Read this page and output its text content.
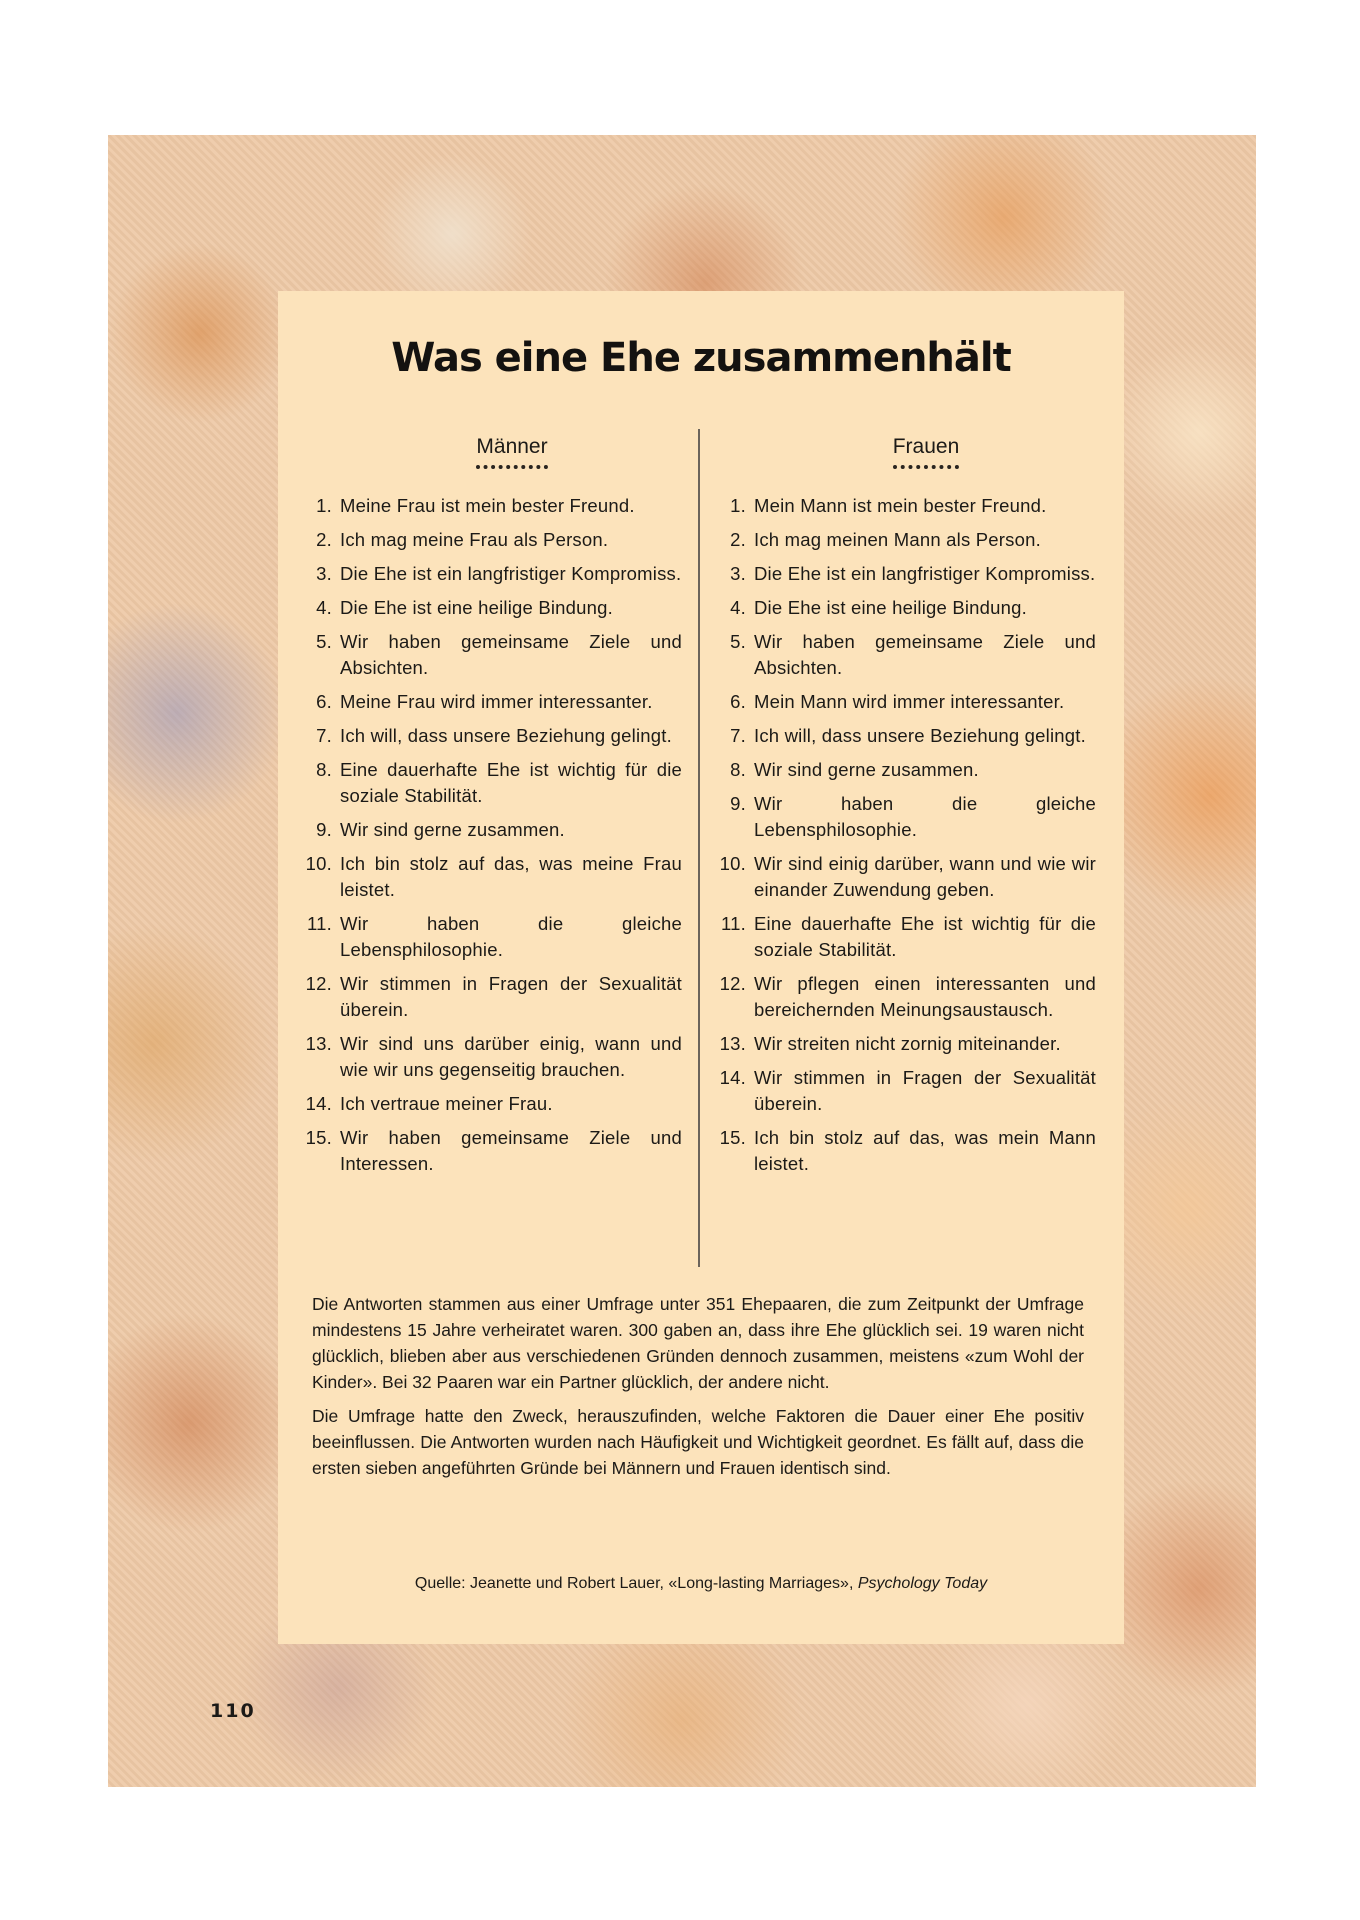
Was eine Ehe zusammenhält
Männer
1. Meine Frau ist mein bester Freund.
2. Ich mag meine Frau als Person.
3. Die Ehe ist ein langfristiger Kompromiss.
4. Die Ehe ist eine heilige Bindung.
5. Wir haben gemeinsame Ziele und Absichten.
6. Meine Frau wird immer interessanter.
7. Ich will, dass unsere Beziehung gelingt.
8. Eine dauerhafte Ehe ist wichtig für die soziale Stabilität.
9. Wir sind gerne zusammen.
10. Ich bin stolz auf das, was meine Frau leistet.
11. Wir haben die gleiche Lebensphilosophie.
12. Wir stimmen in Fragen der Sexualität überein.
13. Wir sind uns darüber einig, wann und wie wir uns gegenseitig brauchen.
14. Ich vertraue meiner Frau.
15. Wir haben gemeinsame Ziele und Interessen.
Frauen
1. Mein Mann ist mein bester Freund.
2. Ich mag meinen Mann als Person.
3. Die Ehe ist ein langfristiger Kompromiss.
4. Die Ehe ist eine heilige Bindung.
5. Wir haben gemeinsame Ziele und Absichten.
6. Mein Mann wird immer interessanter.
7. Ich will, dass unsere Beziehung gelingt.
8. Wir sind gerne zusammen.
9. Wir haben die gleiche Lebensphilosophie.
10. Wir sind einig darüber, wann und wie wir einander Zuwendung geben.
11. Eine dauerhafte Ehe ist wichtig für die soziale Stabilität.
12. Wir pflegen einen interessanten und bereichernden Meinungsaustausch.
13. Wir streiten nicht zornig miteinander.
14. Wir stimmen in Fragen der Sexualität überein.
15. Ich bin stolz auf das, was mein Mann leistet.

Die Antworten stammen aus einer Umfrage unter 351 Ehepaaren, die zum Zeitpunkt der Umfrage mindestens 15 Jahre verheiratet waren. 300 gaben an, dass ihre Ehe glücklich sei. 19 waren nicht glücklich, blieben aber aus verschiedenen Gründen dennoch zusammen, meistens «zum Wohl der Kinder». Bei 32 Paaren war ein Partner glücklich, der andere nicht.

Die Umfrage hatte den Zweck, herauszufinden, welche Faktoren die Dauer einer Ehe positiv beeinflussen. Die Antworten wurden nach Häufigkeit und Wichtigkeit geordnet. Es fällt auf, dass die ersten sieben angeführten Gründe bei Männern und Frauen identisch sind.

Quelle: Jeanette und Robert Lauer, «Long-lasting Marriages», Psychology Today
110
